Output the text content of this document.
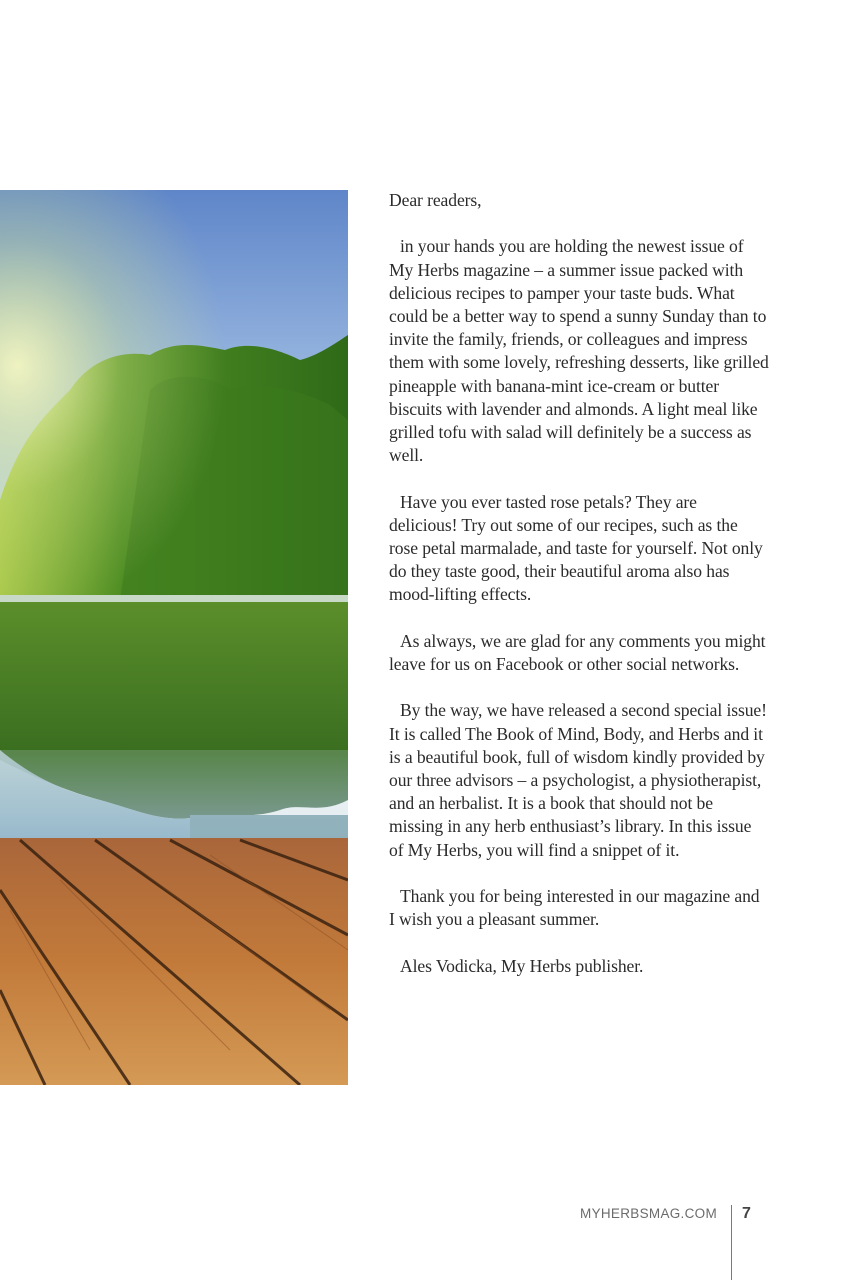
Dear readers,

in your hands you are holding the newest issue of My Herbs magazine – a summer issue packed with delicious recipes to pamper your taste buds. What could be a better way to spend a sunny Sunday than to invite the family, friends, or colleagues and impress them with some lovely, refreshing desserts, like grilled pineapple with banana-mint ice-cream or butter biscuits with lavender and almonds. A light meal like grilled tofu with salad will definitely be a success as well.

Have you ever tasted rose petals? They are delicious! Try out some of our recipes, such as the rose petal marmalade, and taste for yourself. Not only do they taste good, their beautiful aroma also has mood-lifting effects.

As always, we are glad for any comments you might leave for us on Facebook or other social networks.

By the way, we have released a second special issue! It is called The Book of Mind, Body, and Herbs and it is a beautiful book, full of wisdom kindly provided by our three advisors – a psychologist, a physiotherapist, and an herbalist. It is a book that should not be missing in any herb enthusiast’s library. In this issue of My Herbs, you will find a snippet of it.

Thank you for being interested in our magazine and I wish you a pleasant summer.

Ales Vodicka, My Herbs publisher.

MYHERBSMAG.COM 7
